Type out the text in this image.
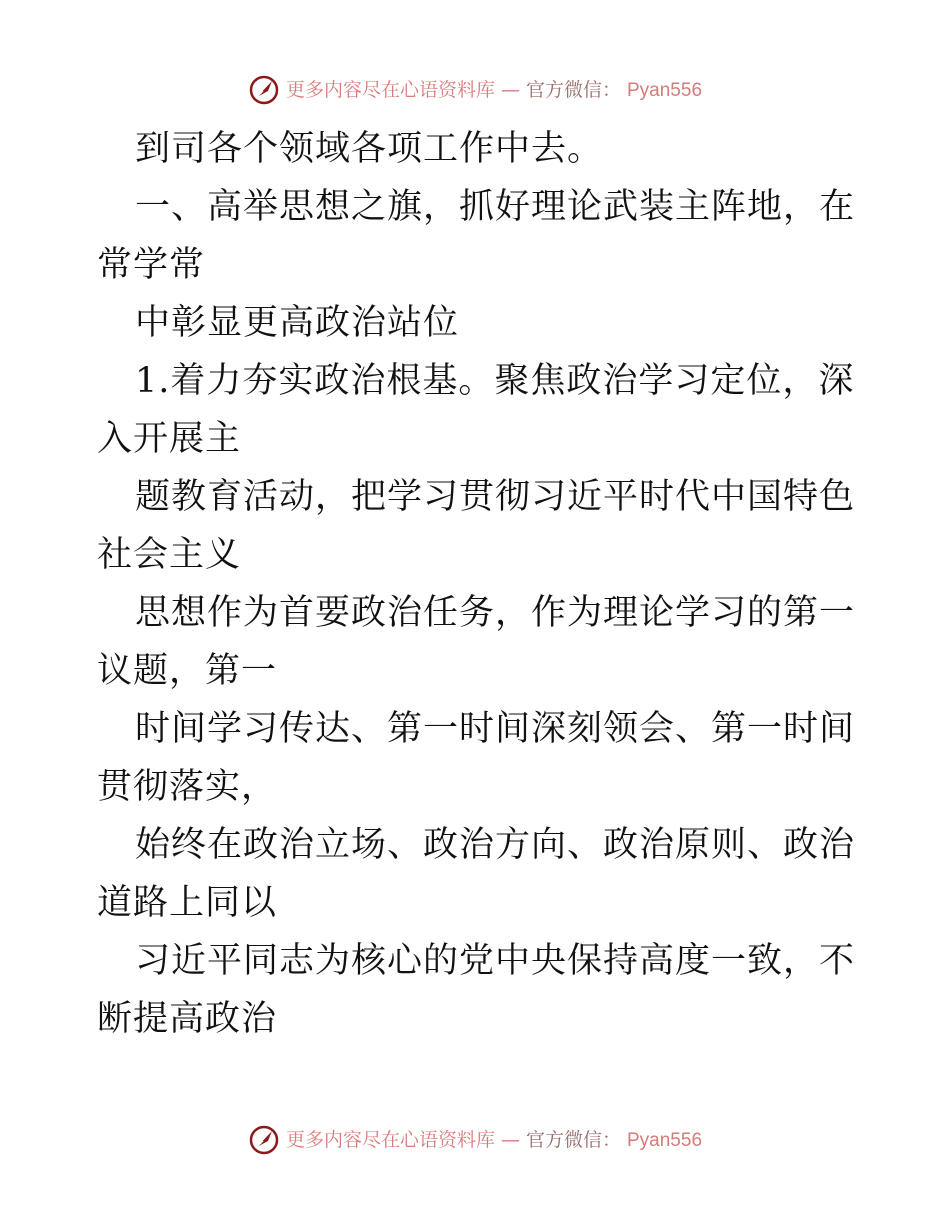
更多内容尽在心语资料库 — 官方微信： Pyan556

到司各个领域各项工作中去。

一、高举思想之旗，抓好理论武装主阵地，在常学常

中彰显更高政治站位

1.着力夯实政治根基。聚焦政治学习定位，深入开展主

题教育活动，把学习贯彻习近平时代中国特色社会主义

思想作为首要政治任务，作为理论学习的第一议题，第一

时间学习传达、第一时间深刻领会、第一时间贯彻落实，

始终在政治立场、政治方向、政治原则、政治道路上同以

习近平同志为核心的党中央保持高度一致，不断提高政治

更多内容尽在心语资料库 — 官方微信： Pyan556
